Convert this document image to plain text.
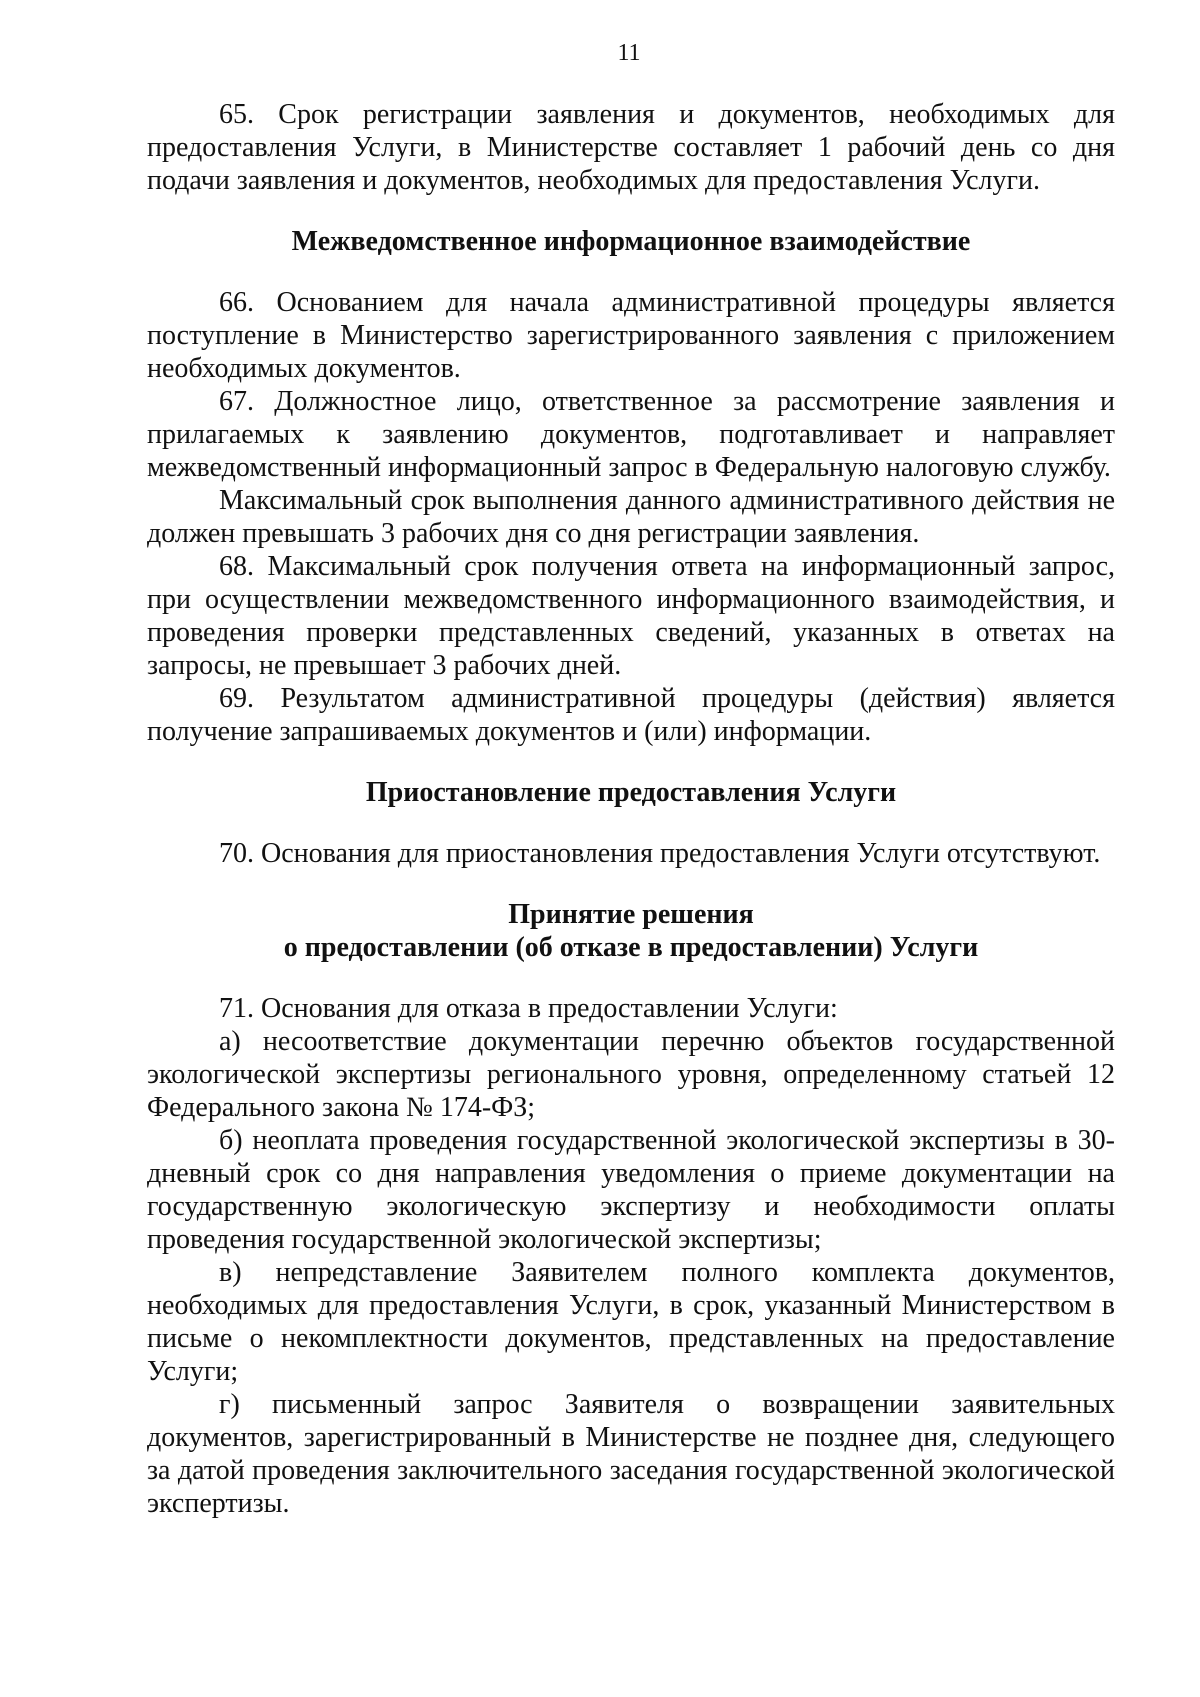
11

65. Срок регистрации заявления и документов, необходимых для предоставления Услуги, в Министерстве составляет 1 рабочий день со дня подачи заявления и документов, необходимых для предоставления Услуги.

Межведомственное информационное взаимодействие

66. Основанием для начала административной процедуры является поступление в Министерство зарегистрированного заявления с приложением необходимых документов.

67. Должностное лицо, ответственное за рассмотрение заявления и прилагаемых к заявлению документов, подготавливает и направляет межведомственный информационный запрос в Федеральную налоговую службу.

Максимальный срок выполнения данного административного действия не должен превышать 3 рабочих дня со дня регистрации заявления.

68. Максимальный срок получения ответа на информационный запрос, при осуществлении межведомственного информационного взаимодействия, и проведения проверки представленных сведений, указанных в ответах на запросы, не превышает 3 рабочих дней.

69. Результатом административной процедуры (действия) является получение запрашиваемых документов и (или) информации.

Приостановление предоставления Услуги

70. Основания для приостановления предоставления Услуги отсутствуют.

Принятие решения

о предоставлении (об отказе в предоставлении) Услуги

71. Основания для отказа в предоставлении Услуги:

а) несоответствие документации перечню объектов государственной экологической экспертизы регионального уровня, определенному статьей 12 Федерального закона № 174-ФЗ;

б) неоплата проведения государственной экологической экспертизы в 30-дневный срок со дня направления уведомления о приеме документации на государственную экологическую экспертизу и необходимости оплаты проведения государственной экологической экспертизы;

в) непредставление Заявителем полного комплекта документов, необходимых для предоставления Услуги, в срок, указанный Министерством в письме о некомплектности документов, представленных на предоставление Услуги;

г) письменный запрос Заявителя о возвращении заявительных документов, зарегистрированный в Министерстве не позднее дня, следующего за датой проведения заключительного заседания государственной экологической экспертизы.
